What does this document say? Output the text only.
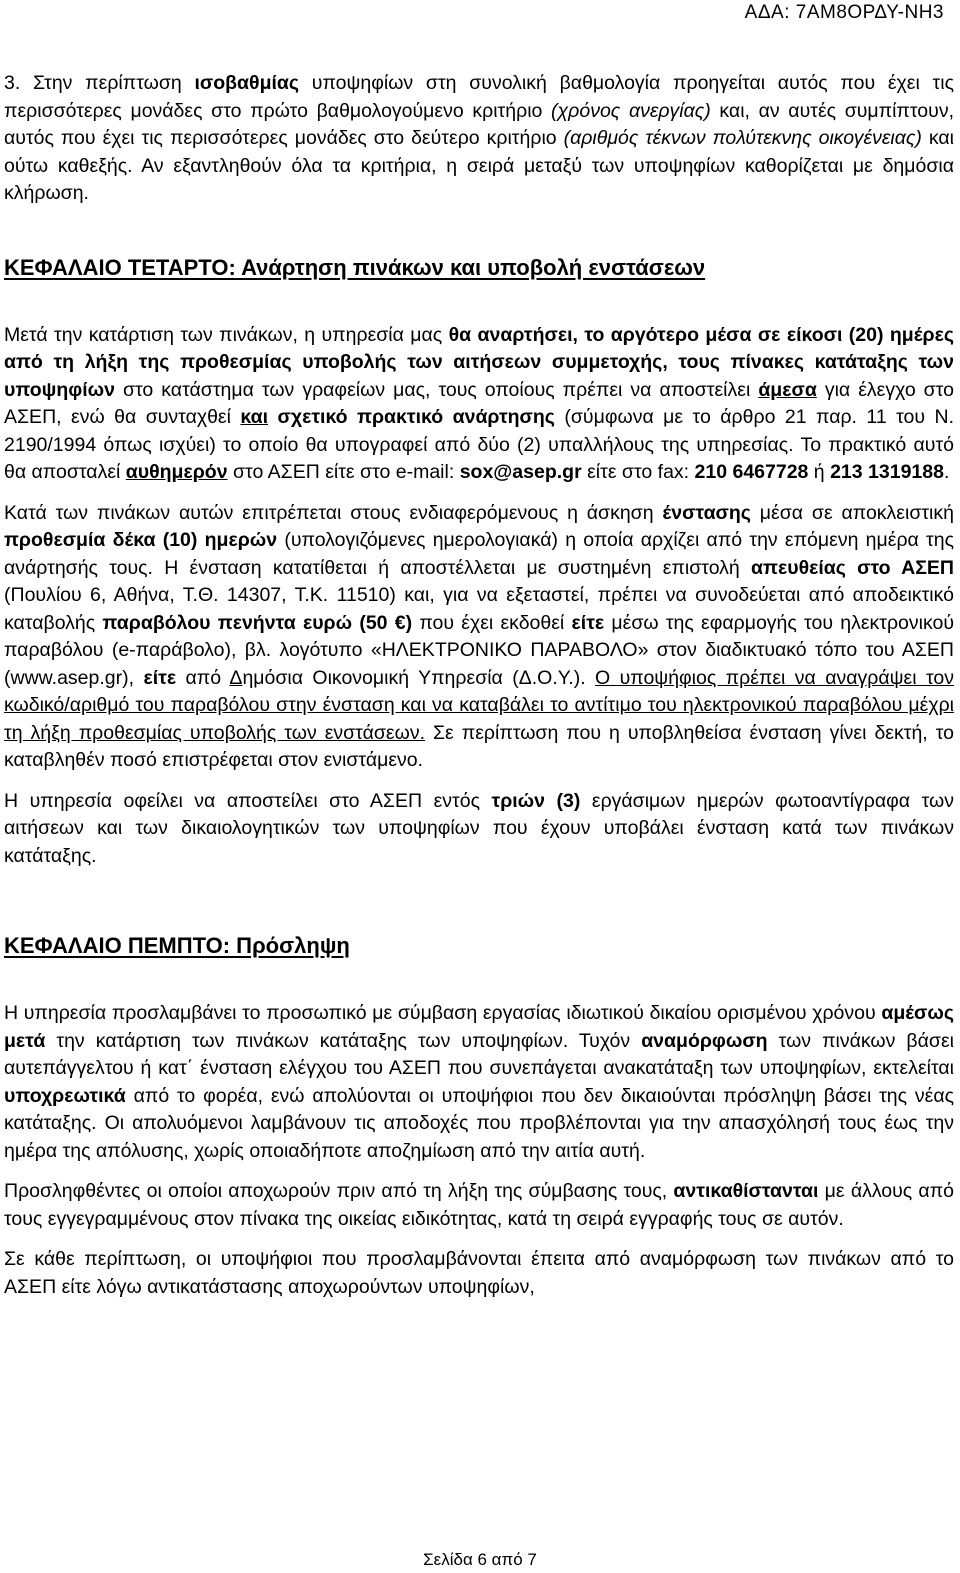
ΑΔΑ: 7ΑΜ8ΟΡΔΥ-ΝΗ3

3. Στην περίπτωση ισοβαθμίας υποψηφίων στη συνολική βαθμολογία προηγείται αυτός που έχει τις περισσότερες μονάδες στο πρώτο βαθμολογούμενο κριτήριο (χρόνος ανεργίας) και, αν αυτές συμπίπτουν, αυτός που έχει τις περισσότερες μονάδες στο δεύτερο κριτήριο (αριθμός τέκνων πολύτεκνης οικογένειας) και ούτω καθεξής. Αν εξαντληθούν όλα τα κριτήρια, η σειρά μεταξύ των υποψηφίων καθορίζεται με δημόσια κλήρωση.

ΚΕΦΑΛΑΙΟ ΤΕΤΑΡΤΟ: Ανάρτηση πινάκων και υποβολή ενστάσεων

Μετά την κατάρτιση των πινάκων, η υπηρεσία μας θα αναρτήσει, το αργότερο μέσα σε είκοσι (20) ημέρες από τη λήξη της προθεσμίας υποβολής των αιτήσεων συμμετοχής, τους πίνακες κατάταξης των υποψηφίων στο κατάστημα των γραφείων μας, τους οποίους πρέπει να αποστείλει άμεσα για έλεγχο στο ΑΣΕΠ, ενώ θα συνταχθεί και σχετικό πρακτικό ανάρτησης (σύμφωνα με το άρθρο 21 παρ. 11 του Ν. 2190/1994 όπως ισχύει) το οποίο θα υπογραφεί από δύο (2) υπαλλήλους της υπηρεσίας. Το πρακτικό αυτό θα αποσταλεί αυθημερόν στο ΑΣΕΠ είτε στο e-mail: sox@asep.gr είτε στο fax: 210 6467728 ή 213 1319188.

Κατά των πινάκων αυτών επιτρέπεται στους ενδιαφερόμενους η άσκηση ένστασης μέσα σε αποκλειστική προθεσμία δέκα (10) ημερών (υπολογιζόμενες ημερολογιακά) η οποία αρχίζει από την επόμενη ημέρα της ανάρτησής τους. Η ένσταση κατατίθεται ή αποστέλλεται με συστημένη επιστολή απευθείας στο ΑΣΕΠ (Πουλίου 6, Αθήνα, Τ.Θ. 14307, Τ.Κ. 11510) και, για να εξεταστεί, πρέπει να συνοδεύεται από αποδεικτικό καταβολής παραβόλου πενήντα ευρώ (50 €) που έχει εκδοθεί είτε μέσω της εφαρμογής του ηλεκτρονικού παραβόλου (e-παράβολο), βλ. λογότυπο «ΗΛΕΚΤΡΟΝΙΚΟ ΠΑΡΑΒΟΛΟ» στον διαδικτυακό τόπο του ΑΣΕΠ (www.asep.gr), είτε από Δημόσια Οικονομική Υπηρεσία (Δ.Ο.Υ.). Ο υποψήφιος πρέπει να αναγράψει τον κωδικό/αριθμό του παραβόλου στην ένσταση και να καταβάλει το αντίτιμο του ηλεκτρονικού παραβόλου μέχρι τη λήξη προθεσμίας υποβολής των ενστάσεων. Σε περίπτωση που η υποβληθείσα ένσταση γίνει δεκτή, το καταβληθέν ποσό επιστρέφεται στον ενιστάμενο.

Η υπηρεσία οφείλει να αποστείλει στο ΑΣΕΠ εντός τριών (3) εργάσιμων ημερών φωτοαντίγραφα των αιτήσεων και των δικαιολογητικών των υποψηφίων που έχουν υποβάλει ένσταση κατά των πινάκων κατάταξης.

ΚΕΦΑΛΑΙΟ ΠΕΜΠΤΟ: Πρόσληψη

Η υπηρεσία προσλαμβάνει το προσωπικό με σύμβαση εργασίας ιδιωτικού δικαίου ορισμένου χρόνου αμέσως μετά την κατάρτιση των πινάκων κατάταξης των υποψηφίων. Τυχόν αναμόρφωση των πινάκων βάσει αυτεπάγγελτου ή κατ΄ ένσταση ελέγχου του ΑΣΕΠ που συνεπάγεται ανακατάταξη των υποψηφίων, εκτελείται υποχρεωτικά από το φορέα, ενώ απολύονται οι υποψήφιοι που δεν δικαιούνται πρόσληψη βάσει της νέας κατάταξης. Οι απολυόμενοι λαμβάνουν τις αποδοχές που προβλέπονται για την απασχόλησή τους έως την ημέρα της απόλυσης, χωρίς οποιαδήποτε αποζημίωση από την αιτία αυτή.

Προσληφθέντες οι οποίοι αποχωρούν πριν από τη λήξη της σύμβασης τους, αντικαθίστανται με άλλους από τους εγγεγραμμένους στον πίνακα της οικείας ειδικότητας, κατά τη σειρά εγγραφής τους σε αυτόν.

Σε κάθε περίπτωση, οι υποψήφιοι που προσλαμβάνονται έπειτα από αναμόρφωση των πινάκων από το ΑΣΕΠ είτε λόγω αντικατάστασης αποχωρούντων υποψηφίων,

Σελίδα 6 από 7
